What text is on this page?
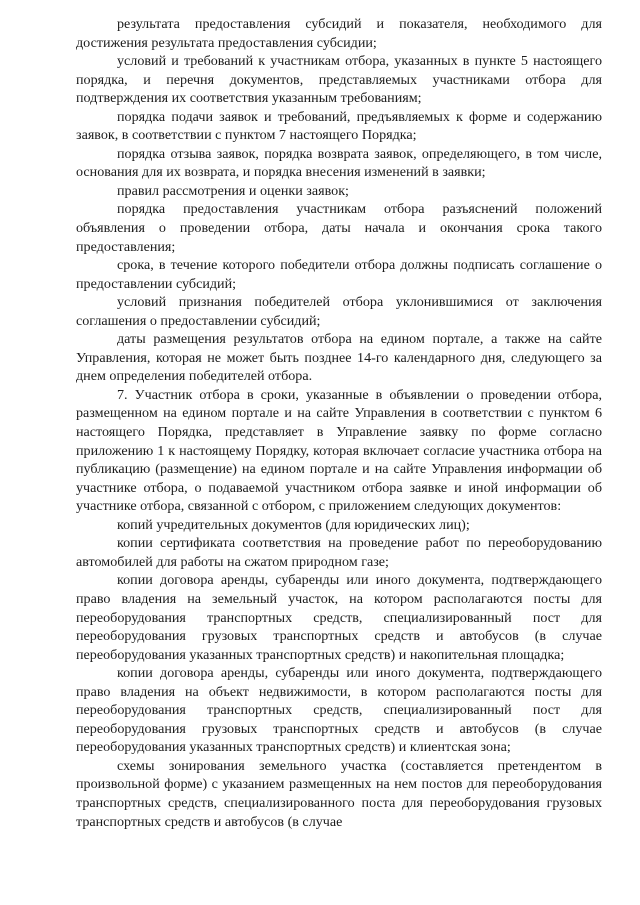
результата предоставления субсидий и показателя, необходимого для достижения результата предоставления субсидии;

условий и требований к участникам отбора, указанных в пункте 5 настоящего порядка, и перечня документов, представляемых участниками отбора для подтверждения их соответствия указанным требованиям;

порядка подачи заявок и требований, предъявляемых к форме и содержанию заявок, в соответствии с пунктом 7 настоящего Порядка;

порядка отзыва заявок, порядка возврата заявок, определяющего, в том числе, основания для их возврата, и порядка внесения изменений в заявки;

правил рассмотрения и оценки заявок;

порядка предоставления участникам отбора разъяснений положений объявления о проведении отбора, даты начала и окончания срока такого предоставления;

срока, в течение которого победители отбора должны подписать соглашение о предоставлении субсидий;

условий признания победителей отбора уклонившимися от заключения соглашения о предоставлении субсидий;

даты размещения результатов отбора на едином портале, а также на сайте Управления, которая не может быть позднее 14-го календарного дня, следующего за днем определения победителей отбора.

7. Участник отбора в сроки, указанные в объявлении о проведении отбора, размещенном на едином портале и на сайте Управления в соответствии с пунктом 6 настоящего Порядка, представляет в Управление заявку по форме согласно приложению 1 к настоящему Порядку, которая включает согласие участника отбора на публикацию (размещение) на едином портале и на сайте Управления информации об участнике отбора, о подаваемой участником отбора заявке и иной информации об участнике отбора, связанной с отбором, с приложением следующих документов:

копий учредительных документов (для юридических лиц);

копии сертификата соответствия на проведение работ по переоборудованию автомобилей для работы на сжатом природном газе;

копии договора аренды, субаренды или иного документа, подтверждающего право владения на земельный участок, на котором располагаются посты для переоборудования транспортных средств, специализированный пост для переоборудования грузовых транспортных средств и автобусов (в случае переоборудования указанных транспортных средств) и накопительная площадка;

копии договора аренды, субаренды или иного документа, подтверждающего право владения на объект недвижимости, в котором располагаются посты для переоборудования транспортных средств, специализированный пост для переоборудования грузовых транспортных средств и автобусов (в случае переоборудования указанных транспортных средств) и клиентская зона;

схемы зонирования земельного участка (составляется претендентом в произвольной форме) с указанием размещенных на нем постов для переоборудования транспортных средств, специализированного поста для переоборудования грузовых транспортных средств и автобусов (в случае
